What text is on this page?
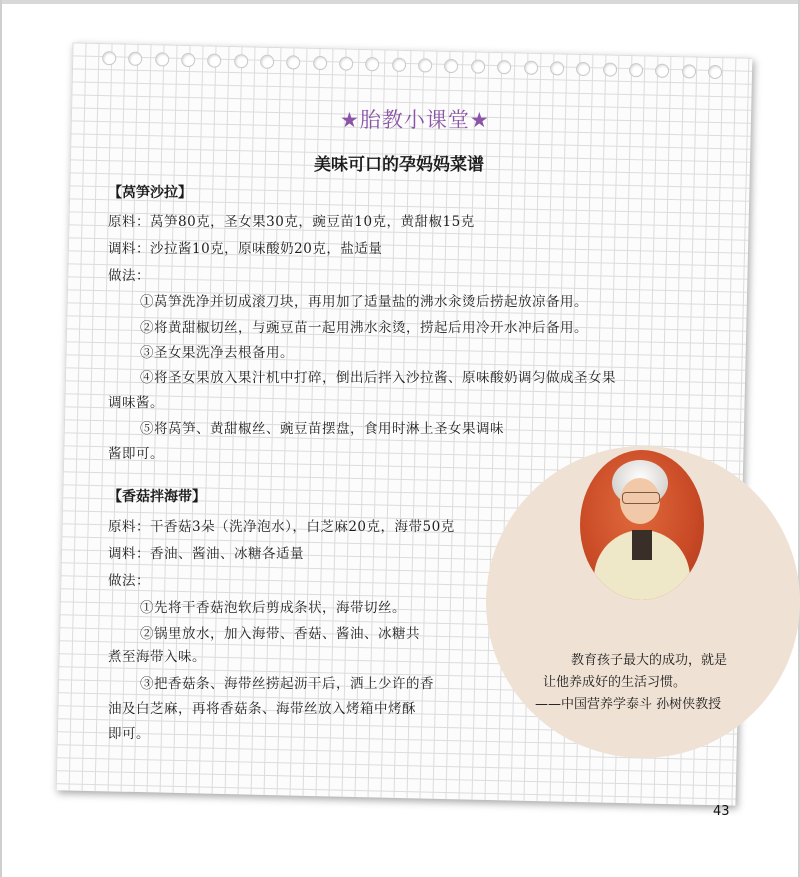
★胎教小课堂★
美味可口的孕妈妈菜谱
【莴笋沙拉】
原料：莴笋80克，圣女果30克，豌豆苗10克，黄甜椒15克
调料：沙拉酱10克，原味酸奶20克，盐适量
做法：
①莴笋洗净并切成滚刀块，再用加了适量盐的沸水汆烫后捞起放凉备用。
②将黄甜椒切丝，与豌豆苗一起用沸水汆烫，捞起后用冷开水冲后备用。
③圣女果洗净去根备用。
④将圣女果放入果汁机中打碎，倒出后拌入沙拉酱、原味酸奶调匀做成圣女果
调味酱。
⑤将莴笋、黄甜椒丝、豌豆苗摆盘，食用时淋上圣女果调味
酱即可。
教育孩子最大的成功，就是
让他养成好的生活习惯。
——中国营养学泰斗 孙树侠教授
【香菇拌海带】
原料：干香菇3朵（洗净泡水），白芝麻20克，海带50克
调料：香油、酱油、冰糖各适量
做法：
①先将干香菇泡软后剪成条状，海带切丝。
②锅里放水，加入海带、香菇、酱油、冰糖共
煮至海带入味。
③把香菇条、海带丝捞起沥干后，洒上少许的香
油及白芝麻，再将香菇条、海带丝放入烤箱中烤酥
即可。
43
